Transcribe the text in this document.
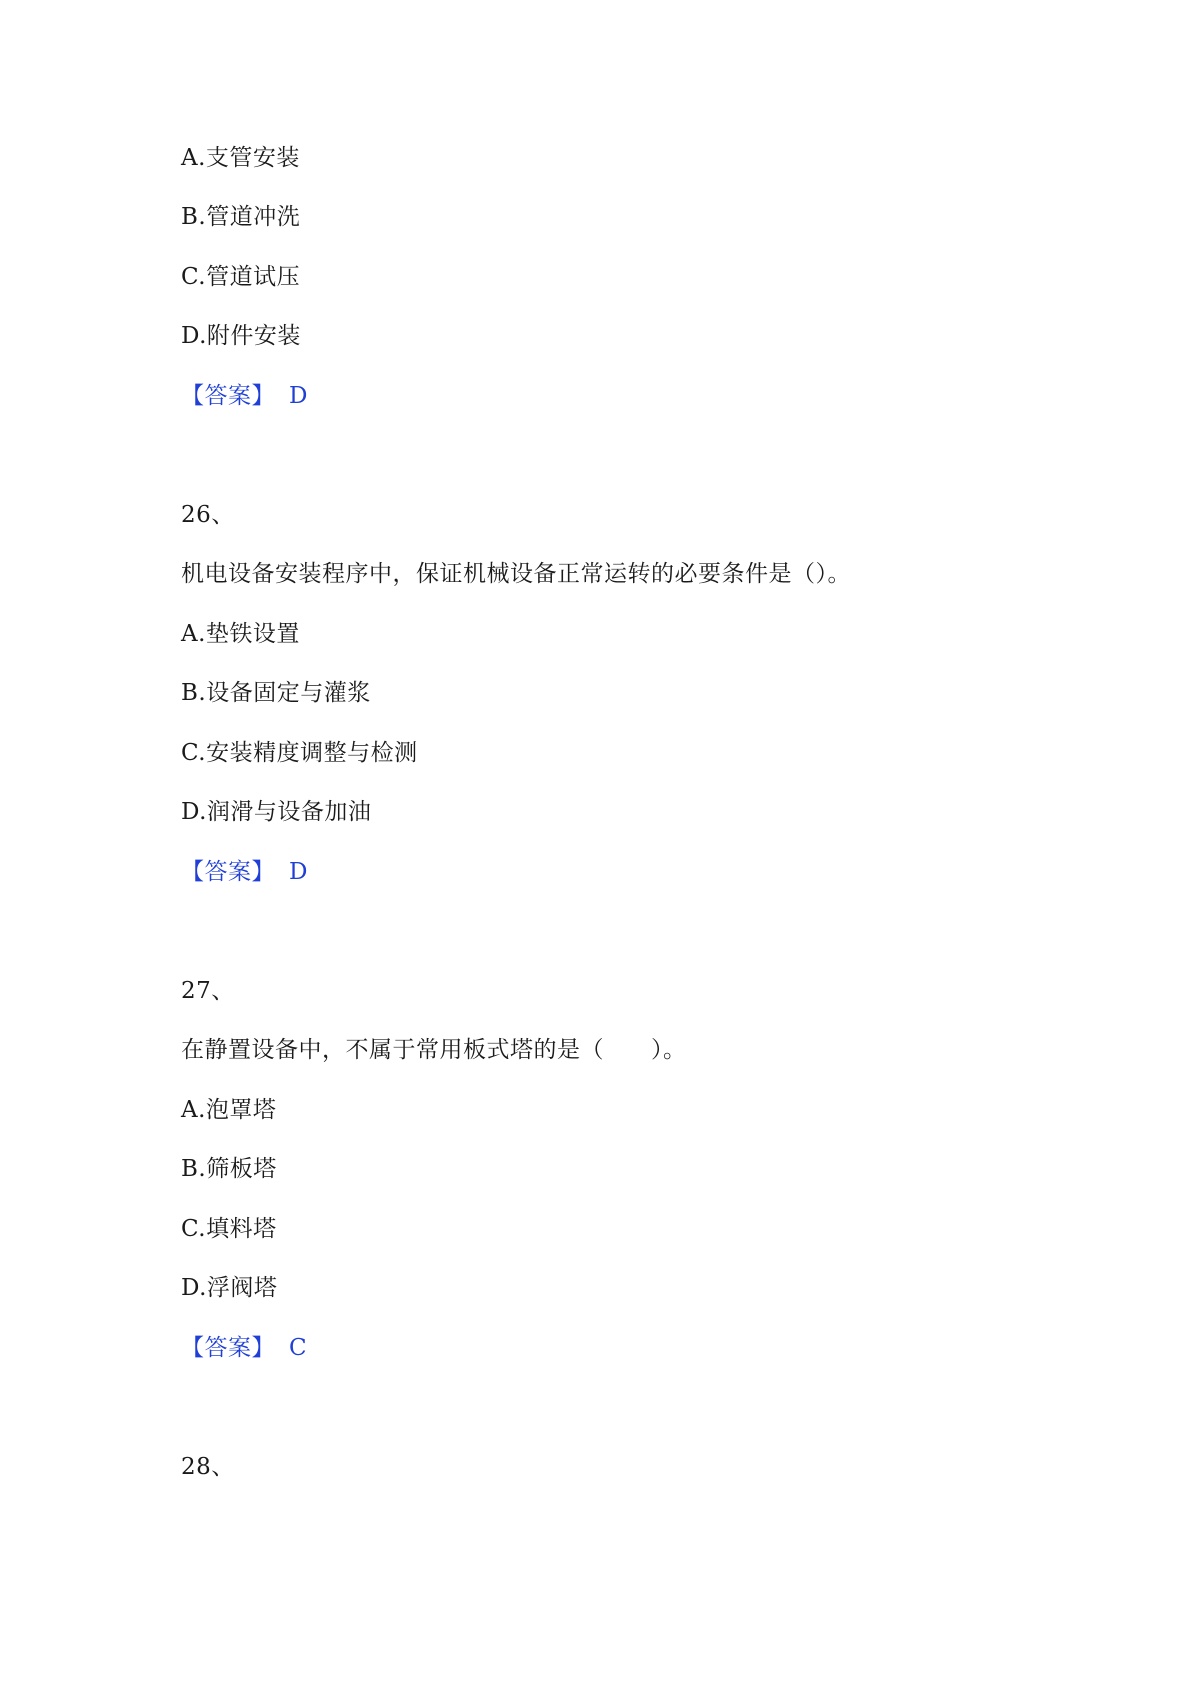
A.支管安装
B.管道冲洗
C.管道试压
D.附件安装
【答案】 D
26、
机电设备安装程序中，保证机械设备正常运转的必要条件是（）。
A.垫铁设置
B.设备固定与灌浆
C.安装精度调整与检测
D.润滑与设备加油
【答案】 D
27、
在静置设备中，不属于常用板式塔的是（　　）。
A.泡罩塔
B.筛板塔
C.填料塔
D.浮阀塔
【答案】 C
28、
